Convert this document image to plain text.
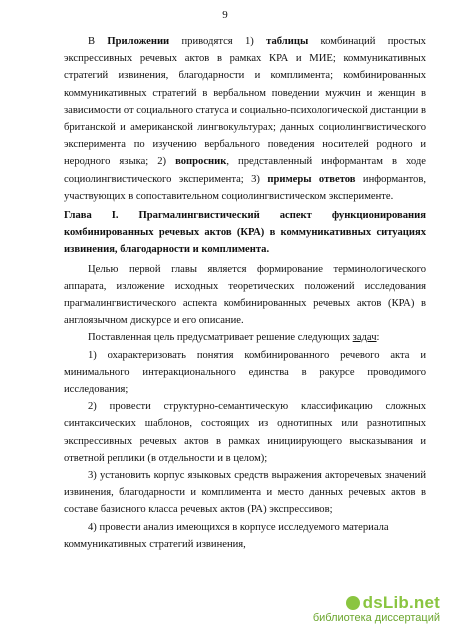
9

В Приложении приводятся 1) таблицы комбинаций простых экспрессивных речевых актов в рамках КРА и МИЕ; коммуникативных стратегий извинения, благодарности и комплимента; комбинированных коммуникативных стратегий в вербальном поведении мужчин и женщин в зависимости от социального статуса и социально-психологической дистанции в британской и американской лингвокультурах; данных социолингвистического эксперимента по изучению вербального поведения носителей родного и неродного языка; 2) вопросник, представленный информантам в ходе социолингвистического эксперимента; 3) примеры ответов информантов, участвующих в сопоставительном социолингвистическом эксперименте.

Глава I. Прагмалингвистический аспект функционирования комбинированных речевых актов (КРА) в коммуникативных ситуациях извинения, благодарности и комплимента.

Целью первой главы является формирование терминологического аппарата, изложение исходных теоретических положений исследования прагмалингвистического аспекта комбинированных речевых актов (КРА) в англоязычном дискурсе и его описание.

Поставленная цель предусматривает решение следующих задач:

1) охарактеризовать понятия комбинированного речевого акта и минимального интеракционального единства в ракурсе проводимого исследования;

2) провести структурно-семантическую классификацию сложных синтаксических шаблонов, состоящих из однотипных или разнотипных экспрессивных речевых актов в рамках инициирующего высказывания и ответной реплики (в отдельности и в целом);

3) установить корпус языковых средств выражения акторечевых значений извинения, благодарности и комплимента и место данных речевых актов в составе базисного класса речевых актов (РА) экспрессивов;

4) провести анализ имеющихся в корпусе исследуемого материала коммуникативных стратегий извинения,

dsLib.net
библиотека диссертаций
